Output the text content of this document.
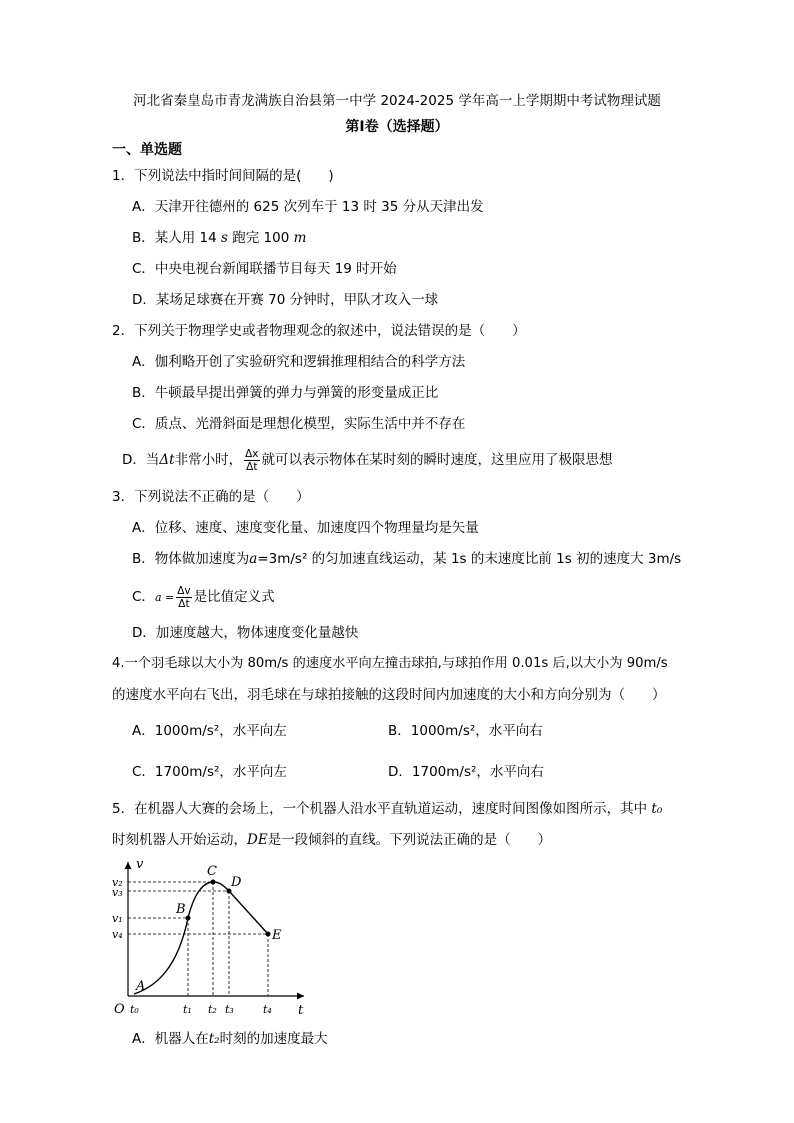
河北省秦皇岛市青龙满族自治县第一中学 2024-2025 学年高一上学期期中考试物理试题
第Ⅰ卷（选择题）
一、单选题
1．下列说法中指时间间隔的是(　　)
A．天津开往德州的 625 次列车于 13 时 35 分从天津出发
B．某人用 14 s 跑完 100 m
C．中央电视台新闻联播节目每天 19 时开始
D．某场足球赛在开赛 70 分钟时，甲队才攻入一球
2．下列关于物理学史或者物理观念的叙述中，说法错误的是（　　）
A．伽利略开创了实验研究和逻辑推理相结合的科学方法
B．牛顿最早提出弹簧的弹力与弹簧的形变量成正比
C．质点、光滑斜面是理想化模型，实际生活中并不存在
D．当Δt非常小时， $\frac{\Delta x}{\Delta t}$ 就可以表示物体在某时刻的瞬时速度，这里应用了极限思想
3．下列说法不正确的是（　　）
A．位移、速度、速度变化量、加速度四个物理量均是矢量
B．物体做加速度为a=3m/s² 的匀加速直线运动，某 1s 的末速度比前 1s 初的速度大 3m/s
C．$a = \frac{\Delta v}{\Delta t}$ 是比值定义式
D．加速度越大，物体速度变化量越快
4.一个羽毛球以大小为 80m/s 的速度水平向左撞击球拍,与球拍作用 0.01s 后,以大小为 90m/s
的速度水平向右飞出，羽毛球在与球拍接触的这段时间内加速度的大小和方向分别为（　　）
A．1000m/s²，水平向左	B．1000m/s²，水平向右
C．1700m/s²，水平向左	D．1700m/s²，水平向右
5．在机器人大赛的会场上，一个机器人沿水平直轨道运动，速度时间图像如图所示，其中 t₀
时刻机器人开始运动，DE是一段倾斜的直线。下列说法正确的是（　　）
v
t
O
v₂
v₃
v₁
v₄
t₀	t₁ t₂ t₃	t₄
A
B
C
D
E
A．机器人在t₂时刻的加速度最大
